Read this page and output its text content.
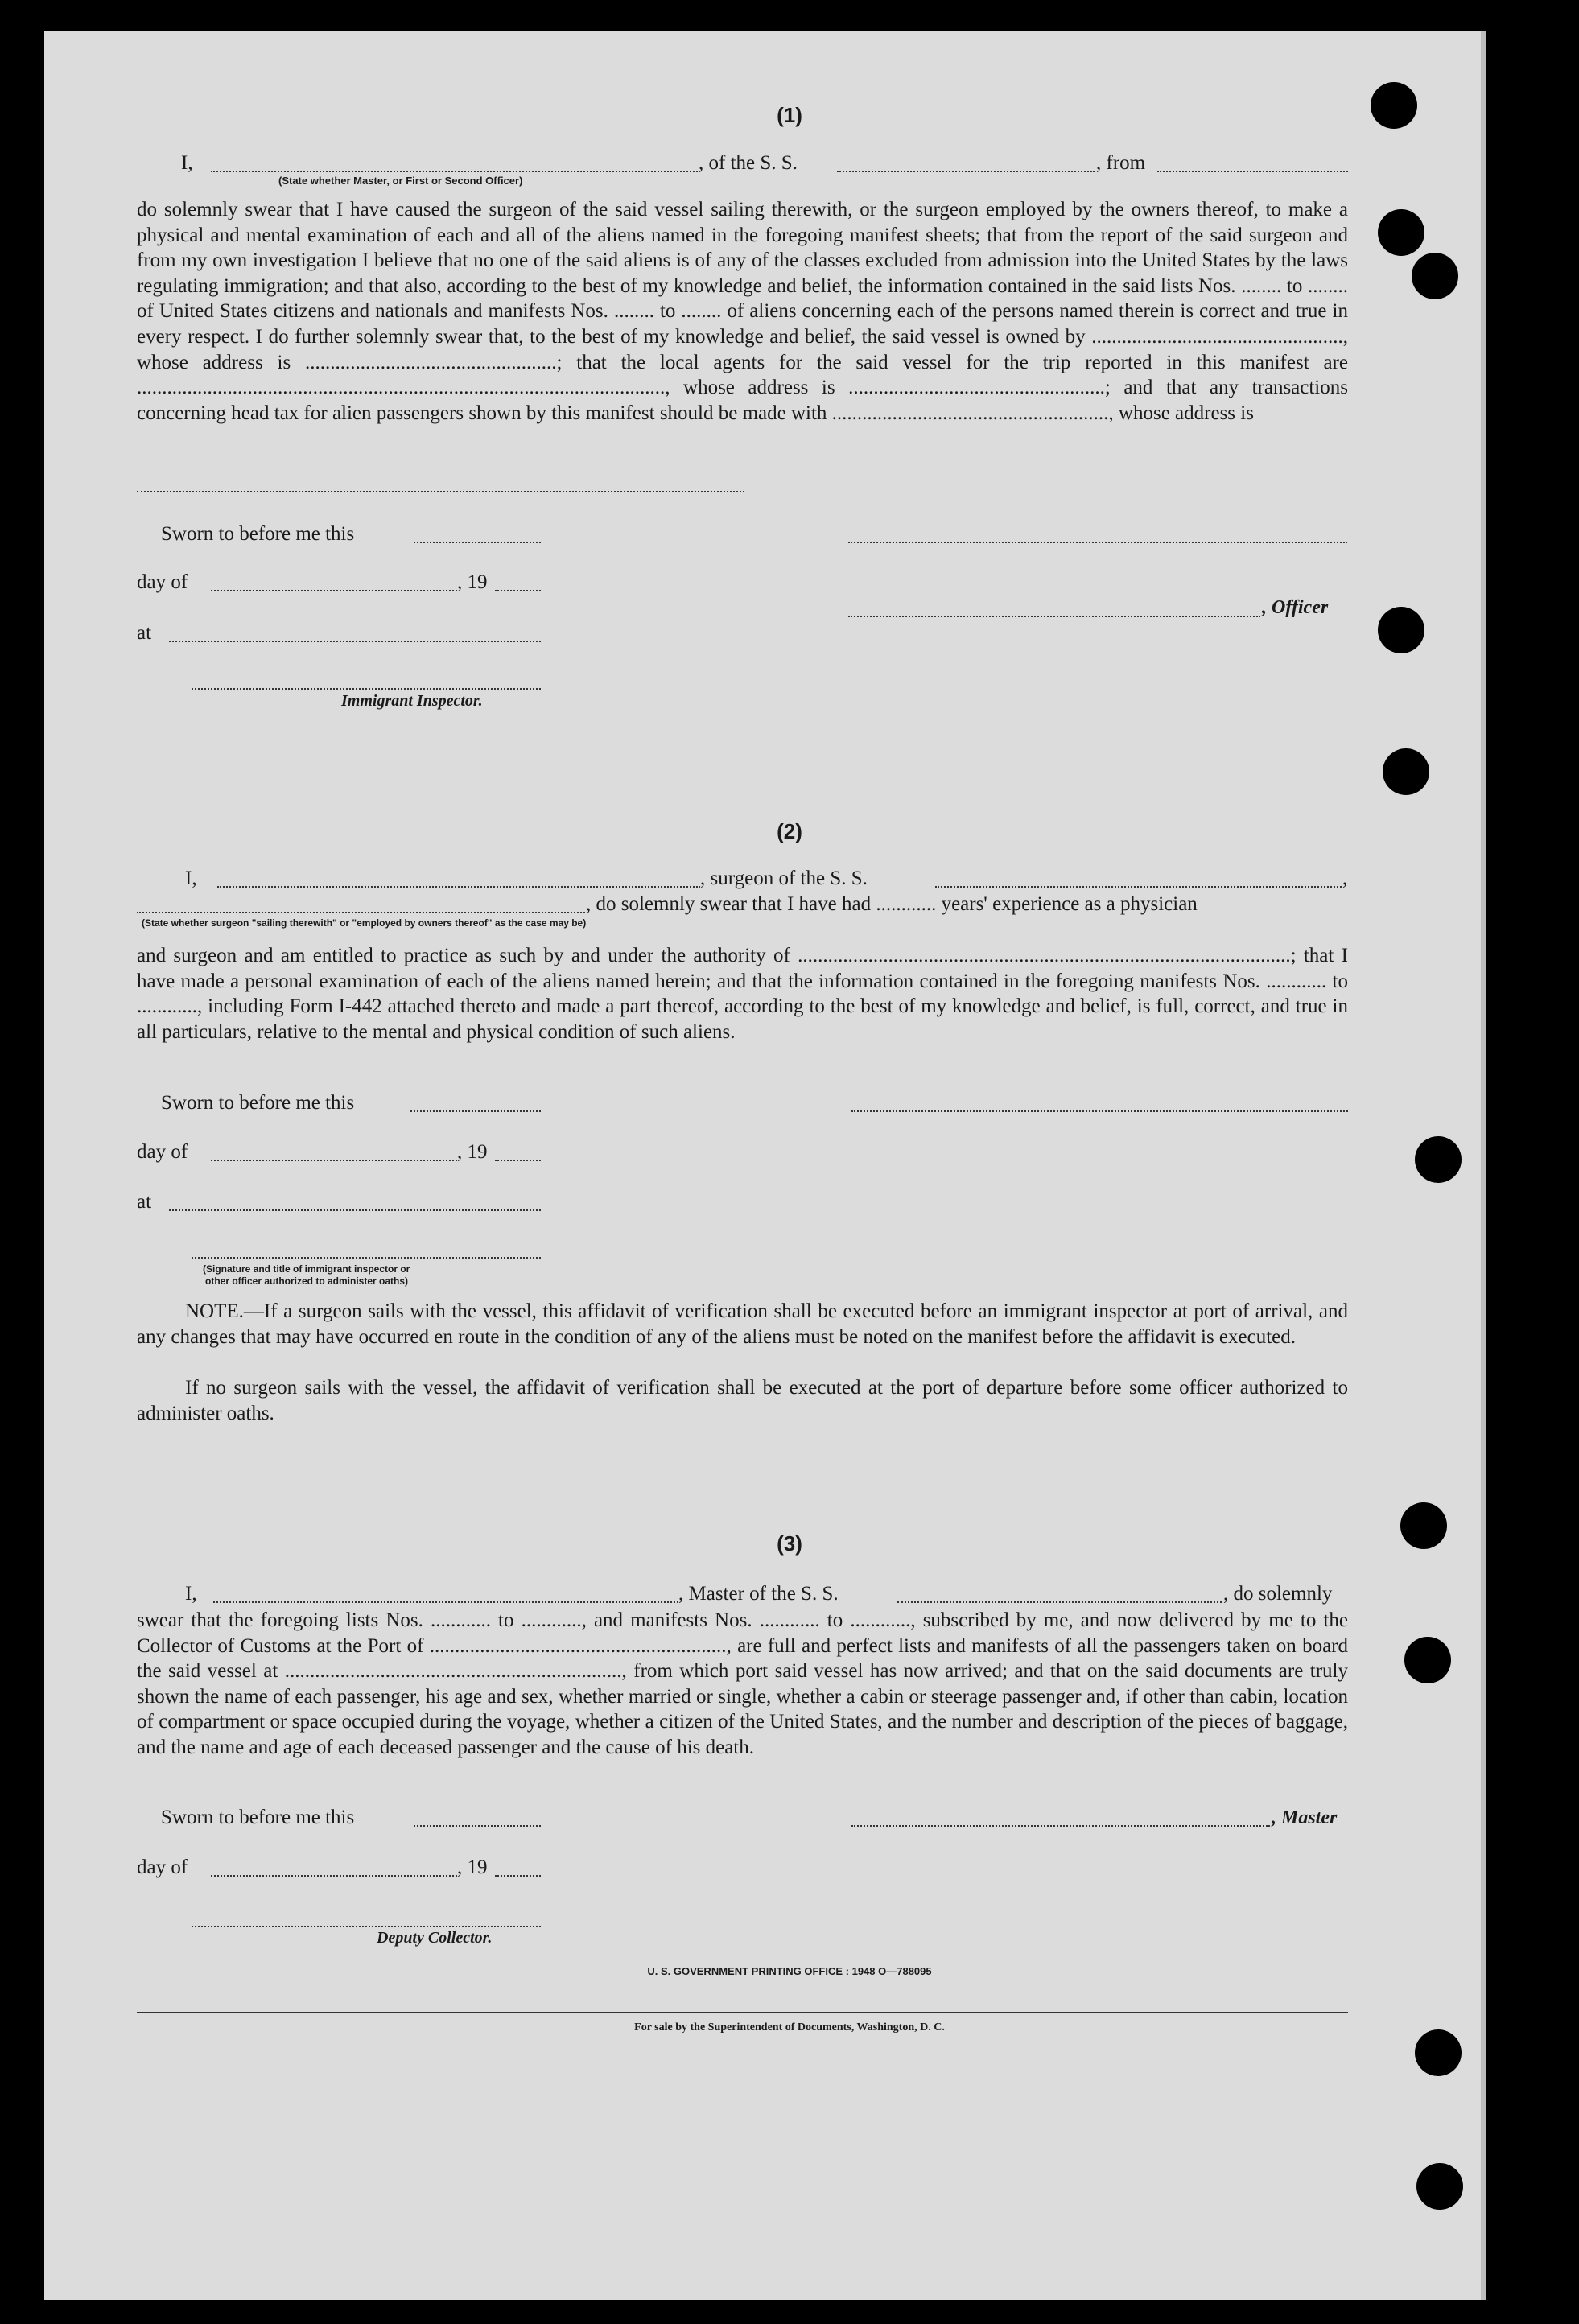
(1)
I,	, of the S. S.	, from
(State whether Master, or First or Second Officer)
do solemnly swear that I have caused the surgeon of the said vessel sailing therewith, or the surgeon employed by the owners thereof, to make a physical and mental examination of each and all of the aliens named in the foregoing manifest sheets; that from the report of the said surgeon and from my own investigation I believe that no one of the said aliens is of any of the classes excluded from admission into the United States by the laws regulating immigration; and that also, according to the best of my knowledge and belief, the information contained in the said lists Nos. ........ to ........ of United States citizens and nationals and manifests Nos. ........ to ........ of aliens concerning each of the persons named therein is correct and true in every respect. I do further solemnly swear that, to the best of my knowledge and belief, the said vessel is owned by .................................................., whose address is ..................................................; that the local agents for the said vessel for the trip reported in this manifest are ........................................................................................................., whose address is ...................................................; and that any transactions concerning head tax for alien passengers shown by this manifest should be made with ......................................................., whose address is
Sworn to before me this
day of	, 19
, Officer
at
Immigrant Inspector.
(2)
I,	, surgeon of the S. S.	,
, do solemnly swear that I have had ............ years' experience as a physician
(State whether surgeon "sailing therewith" or "employed by owners thereof" as the case may be)
and surgeon and am entitled to practice as such by and under the authority of ..................................................................................................; that I have made a personal examination of each of the aliens named herein; and that the information contained in the foregoing manifests Nos. ............ to ............, including Form I-442 attached thereto and made a part thereof, according to the best of my knowledge and belief, is full, correct, and true in all particulars, relative to the mental and physical condition of such aliens.
Sworn to before me this
day of	, 19
at
(Signature and title of immigrant inspector or
other officer authorized to administer oaths)
NOTE.—If a surgeon sails with the vessel, this affidavit of verification shall be executed before an immigrant inspector at port of arrival, and any changes that may have occurred en route in the condition of any of the aliens must be noted on the manifest before the affidavit is executed.
If no surgeon sails with the vessel, the affidavit of verification shall be executed at the port of departure before some officer authorized to administer oaths.
(3)
I,	, Master of the S. S.	, do solemnly
swear that the foregoing lists Nos. ............ to ............, and manifests Nos. ............ to ............, subscribed by me, and now delivered by me to the Collector of Customs at the Port of ..........................................................., are full and perfect lists and manifests of all the passengers taken on board the said vessel at ..................................................................., from which port said vessel has now arrived; and that on the said documents are truly shown the name of each passenger, his age and sex, whether married or single, whether a cabin or steerage passenger and, if other than cabin, location of compartment or space occupied during the voyage, whether a citizen of the United States, and the number and description of the pieces of baggage, and the name and age of each deceased passenger and the cause of his death.
Sworn to before me this	, Master
day of	, 19
Deputy Collector.
U. S. GOVERNMENT PRINTING OFFICE : 1948 O—788095
For sale by the Superintendent of Documents, Washington, D. C.
